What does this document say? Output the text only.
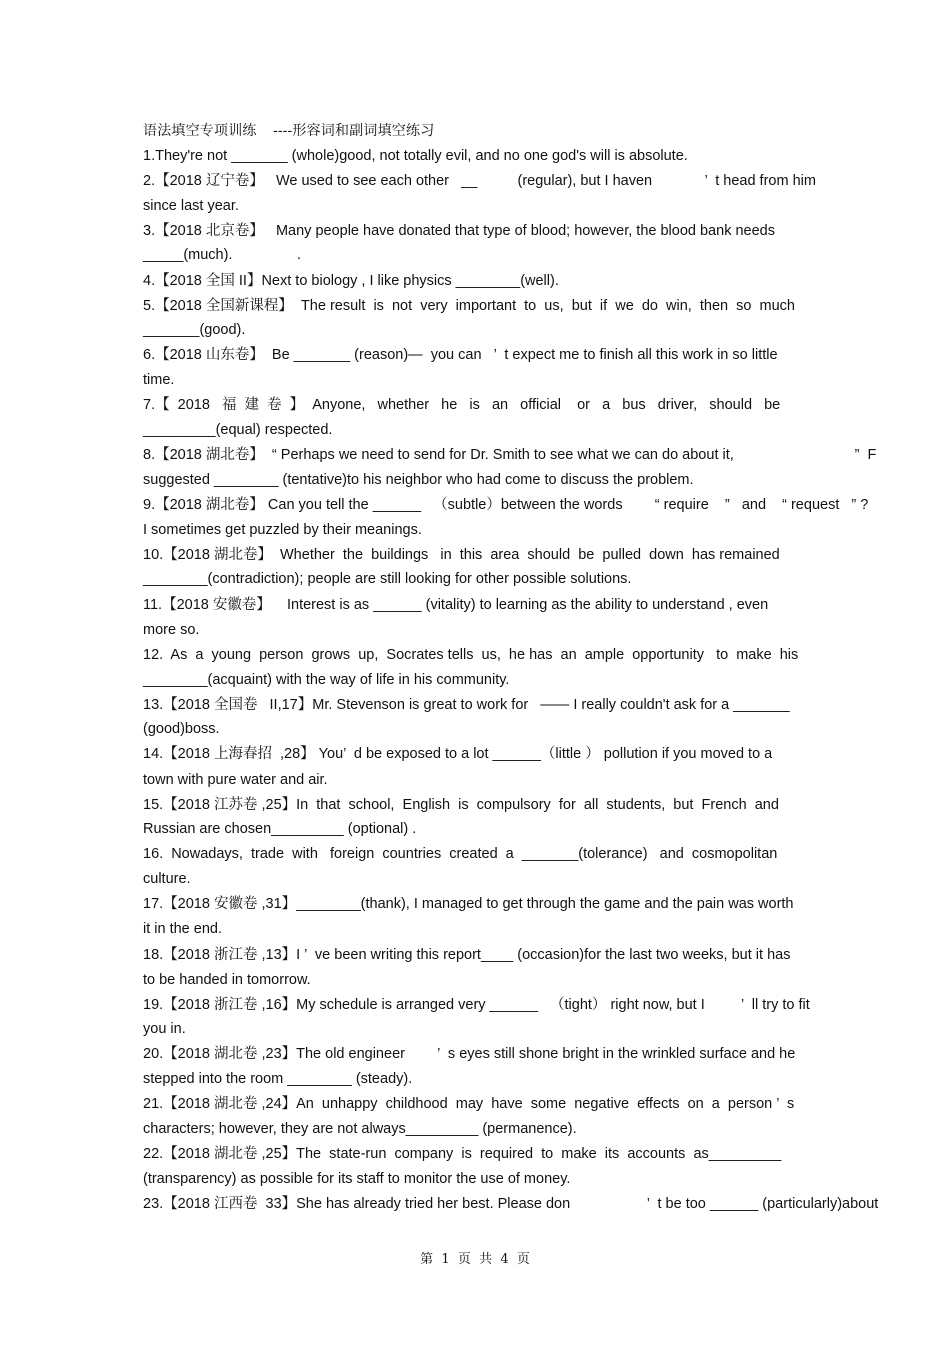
语法填空专项训练    ----形容词和副词填空练习
1.They're not _______ (whole)good, not totally evil, and no one god's will is absolute.
2.【2018 辽宁卷】   We used to see each other   __          (regular), but I haven             ’  t head from him
since last year.
3.【2018 北京卷】   Many people have donated that type of blood; however, the blood bank needs
_____(much).                .
4.【2018 全国 II】Next to biology , I like physics ________(well).
5.【2018 全国新课程】  The result  is  not  very  important  to  us,  but  if  we  do  win,  then  so  much
_______(good).
6.【2018 山东卷】  Be _______ (reason)—  you can   ’  t expect me to finish all this work in so little
time.
7.【  2018   福  建  卷  】  Anyone,   whether   he   is   an   official    or   a   bus   driver,   should   be
_________(equal) respected.
8.【2018 湖北卷】  “ Perhaps we need to send for Dr. Smith to see what we can do about it,                              ”  F
suggested ________ (tentative)to his neighbor who had come to discuss the problem.
9.【2018 湖北卷】 Can you tell the ______   （subtle）between the words        “ require    ”   and    “ request   ” ?
I sometimes get puzzled by their meanings.
10.【2018 湖北卷】  Whether  the  buildings   in  this  area  should  be  pulled  down  has remained
________(contradiction); people are still looking for other possible solutions.
11.【2018 安徽卷】    Interest is as ______ (vitality) to learning as the ability to understand , even
more so.
12.  As  a  young  person  grows  up,  Socrates tells  us,  he has  an  ample  opportunity   to  make  his
________(acquaint) with the way of life in his community.
13.【2018 全国卷   II,17】Mr. Stevenson is great to work for   —— I really couldn't ask for a _______
(good)boss.
14.【2018 上海春招  ,28】 You’  d be exposed to a lot ______（little ） pollution if you moved to a
town with pure water and air.
15.【2018 江苏卷 ,25】In  that  school,  English  is  compulsory  for  all  students,  but  French  and
Russian are chosen_________ (optional) .
16.  Nowadays,  trade  with   foreign  countries  created  a  _______(tolerance)   and  cosmopolitan
culture.
17.【2018 安徽卷 ,31】________(thank), I managed to get through the game and the pain was worth
it in the end.
18.【2018 浙江卷 ,13】I ’  ve been writing this report____ (occasion)for the last two weeks, but it has
to be handed in tomorrow.
19.【2018 浙江卷 ,16】My schedule is arranged very ______   （tight） right now, but I         ’  ll try to fit
you in.
20.【2018 湖北卷 ,23】The old engineer        ’  s eyes still shone bright in the wrinkled surface and he
stepped into the room ________ (steady).
21.【2018 湖北卷 ,24】An  unhappy  childhood  may  have  some  negative  effects  on  a  person ’  s
characters; however, they are not always_________ (permanence).
22.【2018 湖北卷 ,25】The  state-run  company  is  required  to  make  its  accounts  as_________
(transparency) as possible for its staff to monitor the use of money.
23.【2018 江西卷  33】She has already tried her best. Please don                   ’  t be too ______ (particularly)about
第  1  页  共  4  页
